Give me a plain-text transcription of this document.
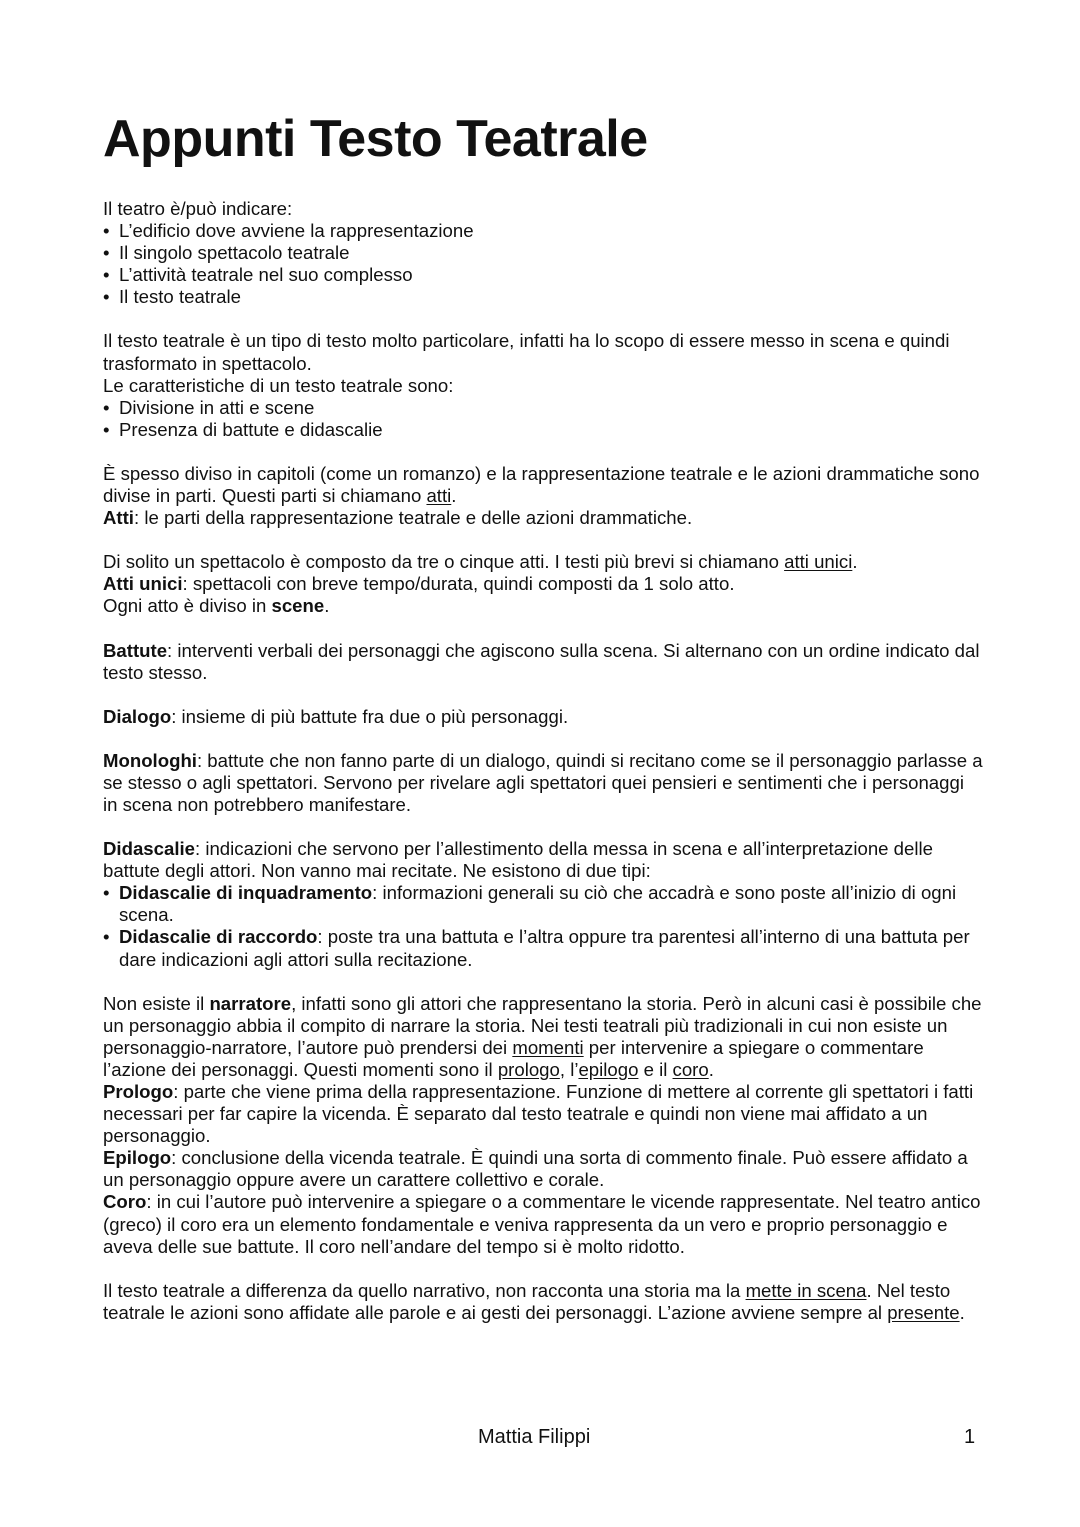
Appunti Testo Teatrale

Il teatro è/può indicare:

• L’edificio dove avviene la rappresentazione
• Il singolo spettacolo teatrale
• L’attività teatrale nel suo complesso
• Il testo teatrale

Il testo teatrale è un tipo di testo molto particolare, infatti ha lo scopo di essere messo in scena e quindi trasformato in spettacolo.

Le caratteristiche di un testo teatrale sono:

• Divisione in atti e scene
• Presenza di battute e didascalie

È spesso diviso in capitoli (come un romanzo) e la rappresentazione teatrale e le azioni drammatiche sono divise in parti. Questi parti si chiamano atti.

Atti: le parti della rappresentazione teatrale e delle azioni drammatiche.

Di solito un spettacolo è composto da tre o cinque atti. I testi più brevi si chiamano atti unici.

Atti unici: spettacoli con breve tempo/durata, quindi composti da 1 solo atto.

Ogni atto è diviso in scene.

Battute: interventi verbali dei personaggi che agiscono sulla scena. Si alternano con un ordine indicato dal testo stesso.

Dialogo: insieme di più battute fra due o più personaggi.

Monologhi: battute che non fanno parte di un dialogo, quindi si recitano come se il personaggio parlasse a se stesso o agli spettatori. Servono per rivelare agli spettatori quei pensieri e sentimenti che i personaggi in scena non potrebbero manifestare.

Didascalie: indicazioni che servono per l’allestimento della messa in scena e all’interpretazione delle battute degli attori. Non vanno mai recitate. Ne esistono di due tipi:

• Didascalie di inquadramento: informazioni generali su ciò che accadrà e sono poste all’inizio di ogni scena.
• Didascalie di raccordo: poste tra una battuta e l’altra oppure tra parentesi all’interno di una battuta per dare indicazioni agli attori sulla recitazione.

Non esiste il narratore, infatti sono gli attori che rappresentano la storia. Però in alcuni casi è possibile che un personaggio abbia il compito di narrare la storia. Nei testi teatrali più tradizionali in cui non esiste un personaggio-narratore, l’autore può prendersi dei momenti per intervenire a spiegare o commentare l’azione dei personaggi. Questi momenti sono il prologo, l’epilogo e il coro.

Prologo: parte che viene prima della rappresentazione. Funzione di mettere al corrente gli spettatori i fatti necessari per far capire la vicenda. È separato dal testo teatrale e quindi non viene mai affidato a un personaggio.

Epilogo: conclusione della vicenda teatrale. È quindi una sorta di commento finale. Può essere affidato a un personaggio oppure avere un carattere collettivo e corale.

Coro: in cui l’autore può intervenire a spiegare o a commentare le vicende rappresentate. Nel teatro antico (greco) il coro era un elemento fondamentale e veniva rappresenta da un vero e proprio personaggio e aveva delle sue battute. Il coro nell’andare del tempo si è molto ridotto.

Il testo teatrale a differenza da quello narrativo, non racconta una storia ma la mette in scena. Nel testo teatrale le azioni sono affidate alle parole e ai gesti dei personaggi. L’azione avviene sempre al presente.

Mattia Filippi	1
